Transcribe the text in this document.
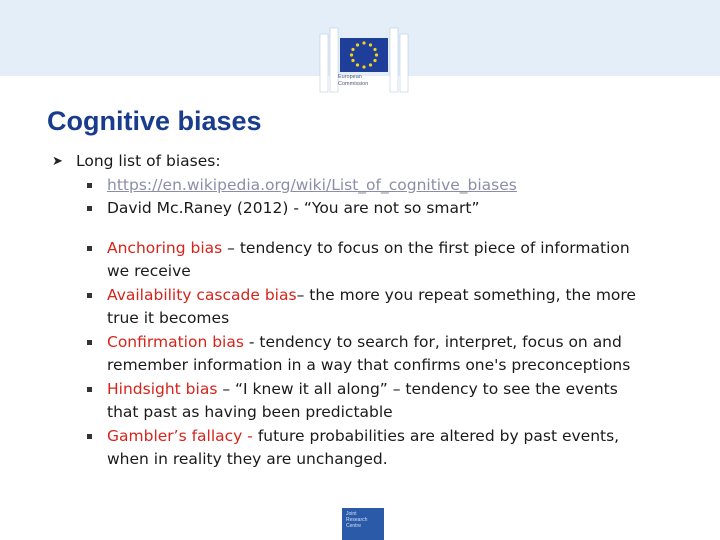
European
Commission
Cognitive biases
➤ Long list of biases:
https://en.wikipedia.org/wiki/List_of_cognitive_biases
David Mc.Raney (2012) - “You are not so smart”
Anchoring bias – tendency to focus on the first piece of information we receive
Availability cascade bias– the more you repeat something, the more true it becomes
Confirmation bias - tendency to search for, interpret, focus on and remember information in a way that confirms one's preconceptions
Hindsight bias – “I knew it all along” – tendency to see the events that past as having been predictable
Gambler’s fallacy - future probabilities are altered by past events, when in reality they are unchanged.
Joint
Research
Centre
